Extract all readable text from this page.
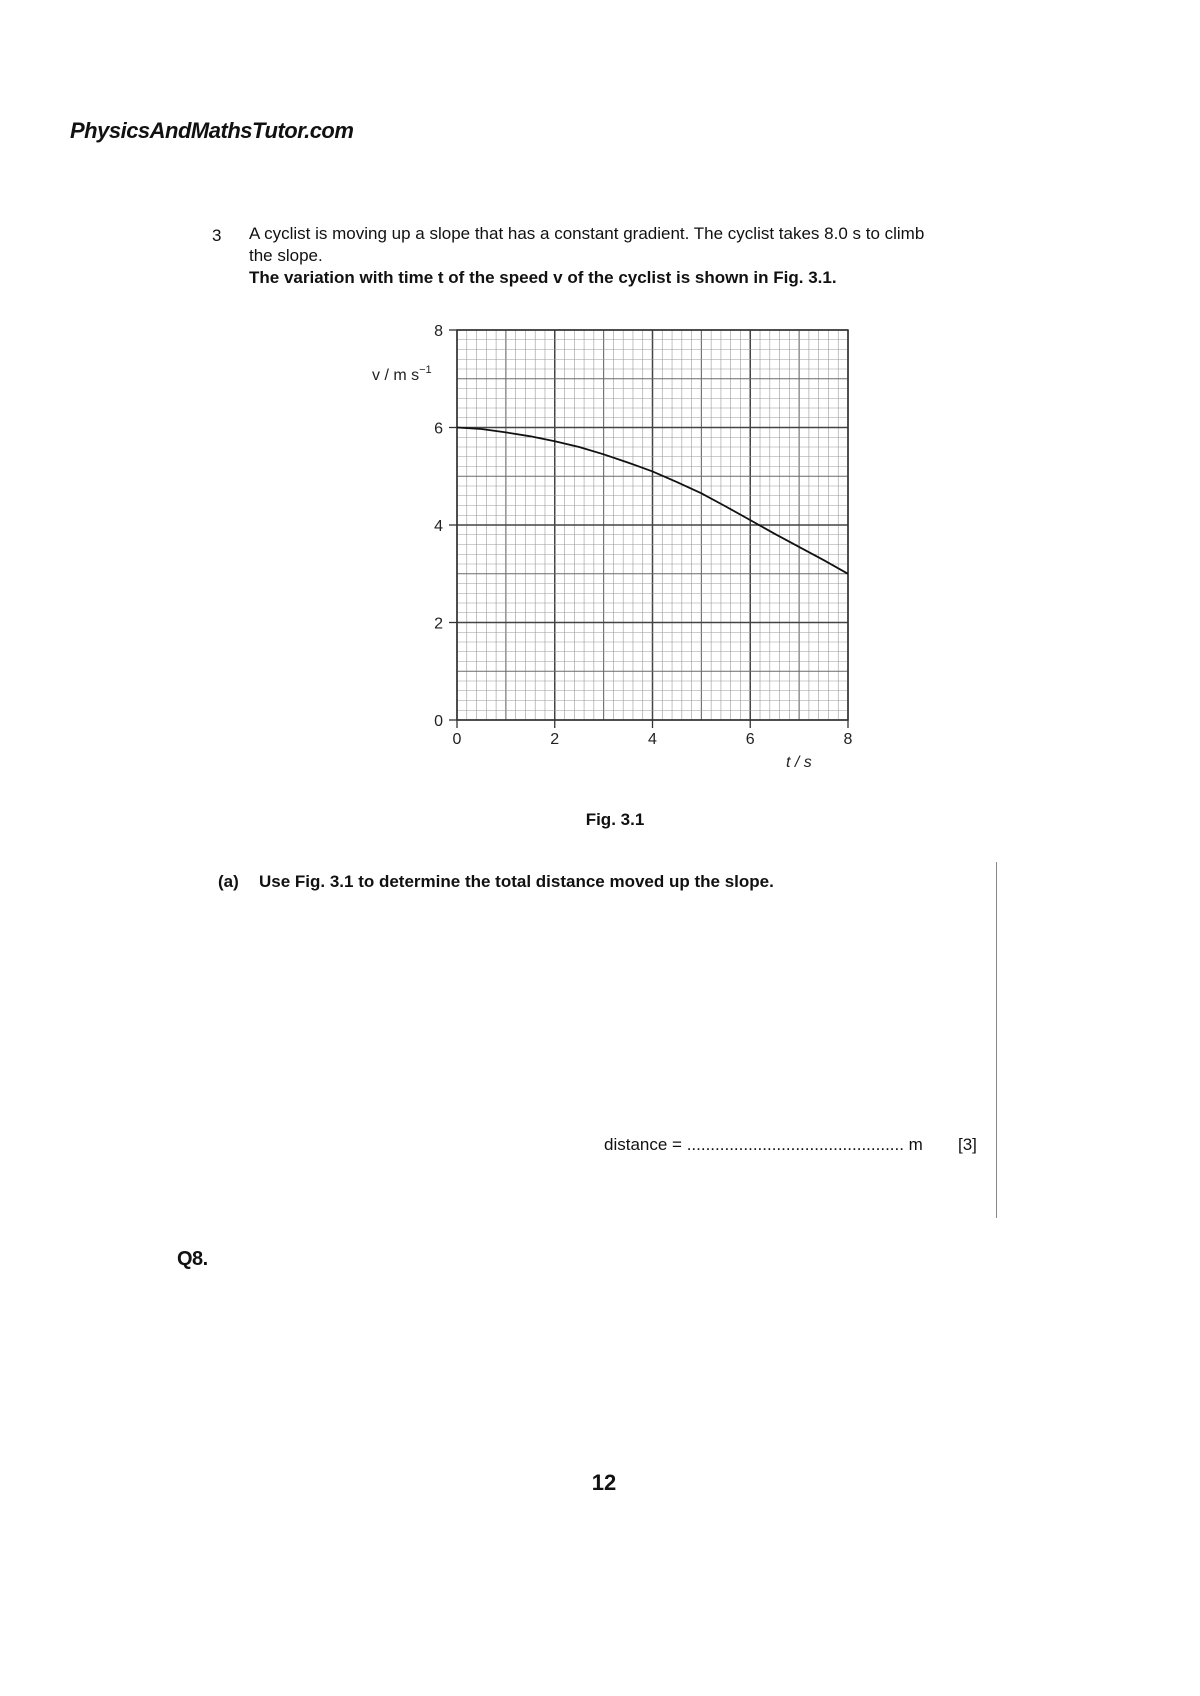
PhysicsAndMathsTutor.com
3 A cyclist is moving up a slope that has a constant gradient. The cyclist takes 8.0 s to climb

the slope.

The variation with time t of the speed v of the cyclist is shown in Fig. 3.1.

0
2
4
6
8
0	2	4	6	8
v / m $s^{-1}$
t / s
Fig. 3.1
(a) Use Fig. 3.1 to determine the total distance moved up the slope.
distance = .............................................. m [3]
Q8.
12
